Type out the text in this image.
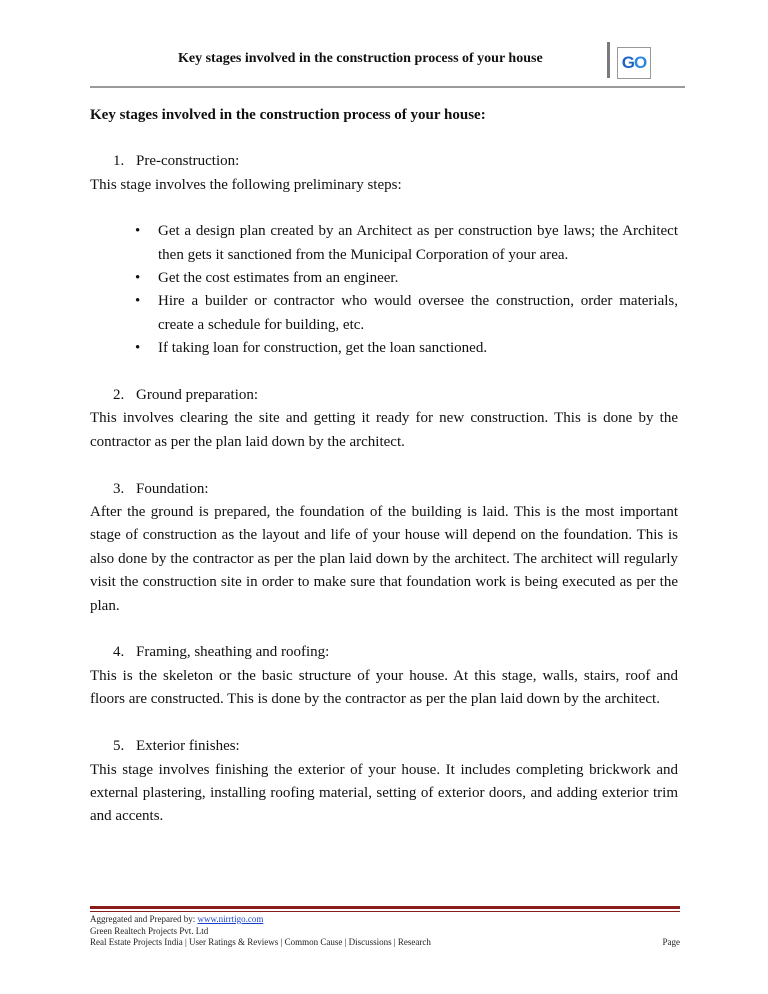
Key stages involved in the construction process of your house	G O

Key stages involved in the construction process of your house:

1. Pre-construction:

This stage involves the following preliminary steps:

• Get a design plan created by an Architect as per construction bye laws; the Architect then gets it sanctioned from the Municipal Corporation of your area.
• Get the cost estimates from an engineer.
• Hire a builder or contractor who would oversee the construction, order materials, create a schedule for building, etc.
• If taking loan for construction, get the loan sanctioned.

2. Ground preparation:

This involves clearing the site and getting it ready for new construction. This is done by the contractor as per the plan laid down by the architect.

3. Foundation:

After the ground is prepared, the foundation of the building is laid. This is the most important stage of construction as the layout and life of your house will depend on the foundation. This is also done by the contractor as per the plan laid down by the architect. The architect will regularly visit the construction site in order to make sure that foundation work is being executed as per the plan.

4. Framing, sheathing and roofing:

This is the skeleton or the basic structure of your house. At this stage, walls, stairs, roof and floors are constructed. This is done by the contractor as per the plan laid down by the architect.

5. Exterior finishes:

This stage involves finishing the exterior of your house. It includes completing brickwork and external plastering, installing roofing material, setting of exterior doors, and adding exterior trim and accents.

Aggregated and Prepared by: www.nirrtigo.com
Green Realtech Projects Pvt. Ltd
Real Estate Projects India | User Ratings & Reviews | Common Cause | Discussions | Research	Page
